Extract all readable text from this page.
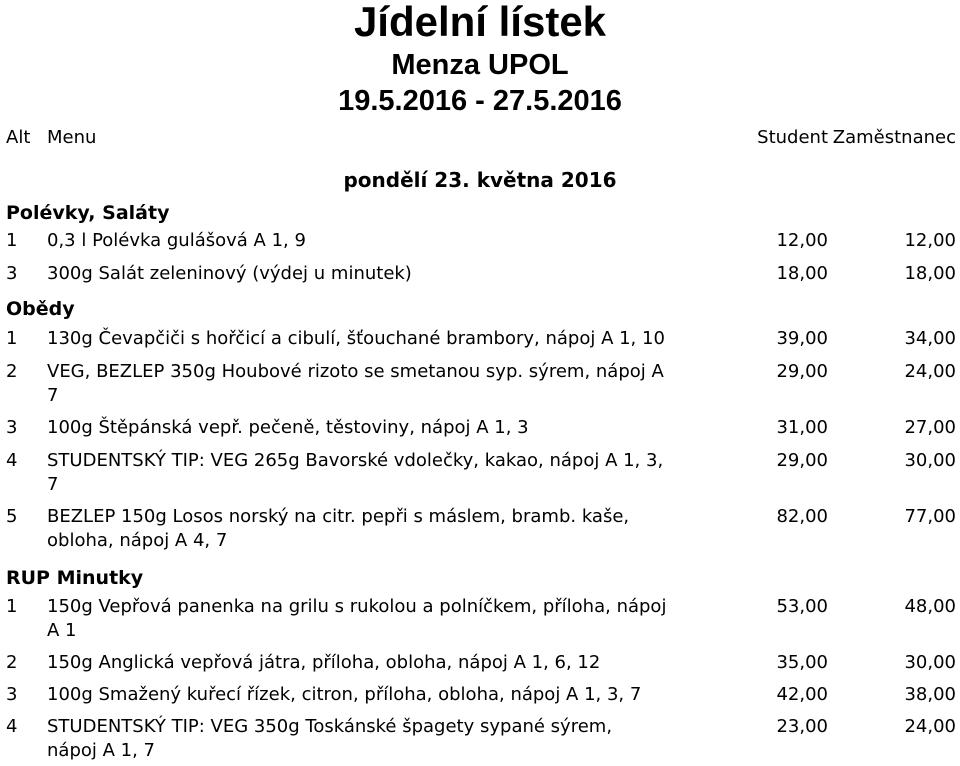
Jídelní lístek
Menza UPOL
19.5.2016 - 27.5.2016
Alt Menu	Student Zaměstnanec
pondělí 23. května 2016
Polévky, Saláty
1 0,3 l Polévka gulášová A 1, 9	12,00	12,00
3 300g Salát zeleninový (výdej u minutek)	18,00	18,00
Obědy
1 130g Čevapčiči s hořčicí a cibulí, šťouchané brambory, nápoj A 1, 10	39,00	34,00
2 VEG, BEZLEP 350g Houbové rizoto se smetanou syp. sýrem, nápoj A
7
29,00	24,00
3 100g Štěpánská vepř. pečeně, těstoviny, nápoj A 1, 3	31,00	27,00
4 STUDENTSKÝ TIP: VEG 265g Bavorské vdolečky, kakao, nápoj A 1, 3,
7
29,00	30,00
5 BEZLEP 150g Losos norský na citr. pepři s máslem, bramb. kaše,
obloha, nápoj A 4, 7
82,00	77,00
RUP Minutky
1 150g Vepřová panenka na grilu s rukolou a polníčkem, příloha, nápoj
A 1
53,00	48,00
2 150g Anglická vepřová játra, příloha, obloha, nápoj A 1, 6, 12	35,00	30,00
3 100g Smažený kuřecí řízek, citron, příloha, obloha, nápoj A 1, 3, 7	42,00	38,00
4 STUDENTSKÝ TIP: VEG 350g Toskánské špagety sypané sýrem,
nápoj A 1, 7
23,00	24,00
